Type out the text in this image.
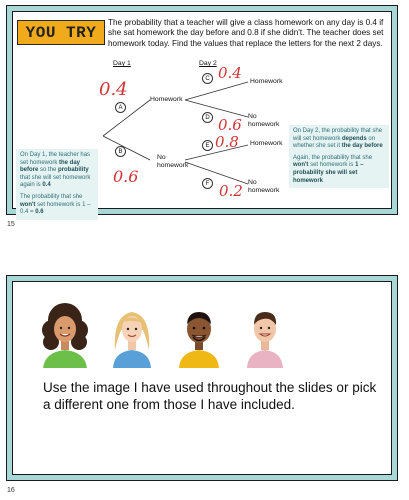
YOU TRY
The probability that a teacher will give a class homework on any day is 0.4 if she sat homework the day before and 0.8 if she didn't. The teacher does set homework today. Find the values that replace the letters for the next 2 days.
Day 1	Day 2
A
B
C
D
E
F
Homework
No
homework
Homework
No
homework
Homework
No
homework
0.4
0.6
0.4
0.6
0.8
0.2

On Day 1, the teacher has set homework the day before so the probability that she will set homework again is 0.4

The probability that she won't set homework is 1 – 0.4 = 0.6

On Day 2, the probability that she will set homework depends on whether she set it the day before

Again, the probability that she won't set homework is 1 – probability she will set homework

15
Use the image I have used throughout the slides or pick a different one from those I have included.
16
